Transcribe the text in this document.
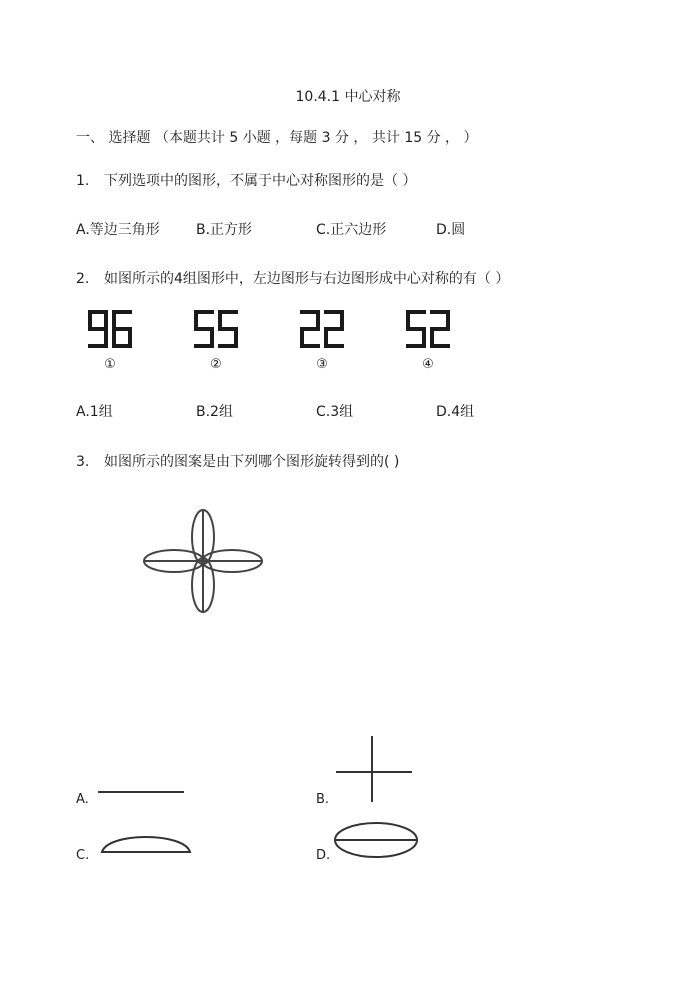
10.4.1 中心对称
一、 选择题 （本题共计 5 小题 ，每题 3 分 ， 共计 15 分 ， ）
1. 下列选项中的图形，不属于中心对称图形的是（ ）
A.等边三角形	B.正方形	C.正六边形	D.圆
2. 如图所示的4组图形中，左边图形与右边图形成中心对称的有（ ）
①	②	③	④
A.1组	B.2组	C.3组	D.4组
3. 如图所示的图案是由下列哪个图形旋转得到的( )
A.	B.
C.	D.
